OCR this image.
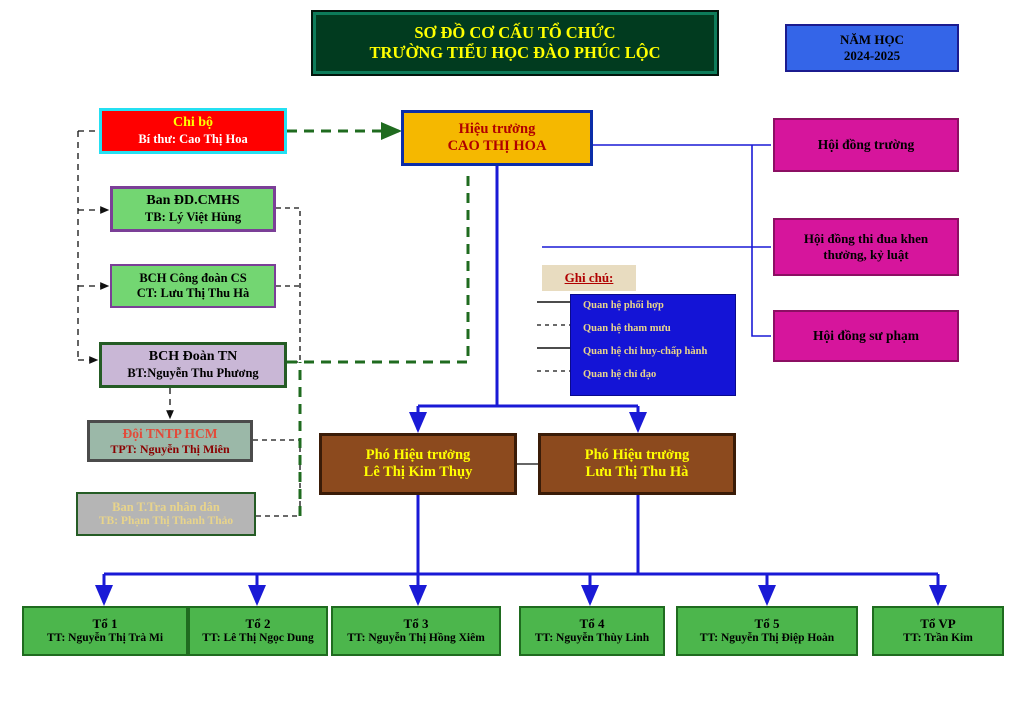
SƠ ĐỒ CƠ CẤU TỔ CHỨC
TRƯỜNG TIỂU HỌC ĐÀO PHÚC LỘC
NĂM HỌC
2024-2025
Chi bộ
Bí thư: Cao Thị Hoa
Ban ĐD.CMHS
TB: Lý Việt Hùng
BCH Công đoàn CS
CT: Lưu Thị Thu Hà
BCH Đoàn TN
BT:Nguyễn Thu Phương
Đội TNTP HCM
TPT: Nguyễn Thị Miên
Ban T.Tra nhân dân
TB: Phạm Thị Thanh Thảo
Hiệu trưởng
CAO THỊ HOA	Hội đồng trường
Hội đồng thi đua khen
thưởng, kỷ luật
Hội đồng sư phạm
Ghi chú:
Quan hệ phối hợp
Quan hệ tham mưu
Quan hệ chỉ huy-chấp hành
Quan hệ chỉ đạo
Phó Hiệu trưởng
Lê Thị Kim Thụy
Phó Hiệu trưởng
Lưu Thị Thu Hà
Tổ 1
TT: Nguyễn Thị Trà Mi
Tổ 2
TT: Lê Thị Ngọc Dung
Tổ 3
TT: Nguyễn Thị Hồng Xiêm
Tổ 4
TT: Nguyễn Thùy Linh
Tổ 5
TT: Nguyễn Thị Điệp Hoàn
Tổ VP
TT: Trần Kim
